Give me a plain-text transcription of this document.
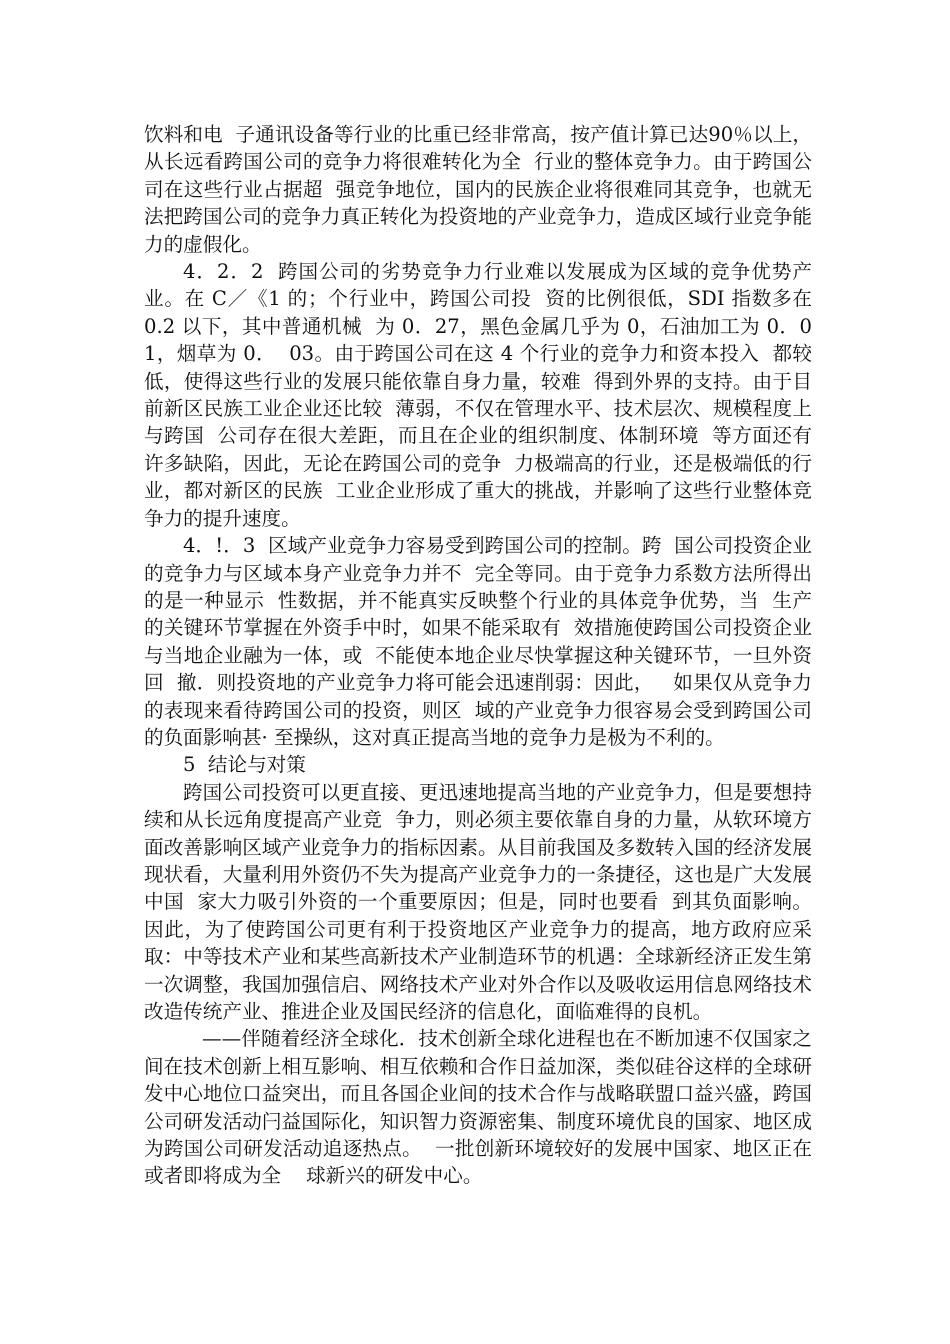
饮料和电  子通讯设备等行业的比重已经非常高，按产值计算已达90％以上，从长远看跨国公司的竞争力将很难转化为全  行业的整体竞争力。由于跨国公司在这些行业占据超  强竞争地位，国内的民族企业将很难同其竞争，也就无法把跨国公司的竞争力真正转化为投资地的产业竞争力，造成区域行业竞争能力的虚假化。

4．2．2  跨国公司的劣势竞争力行业难以发展成为区域的竞争优势产业。在 C／《1 的；个行业中，跨国公司投  资的比例很低，SDI 指数多在 0.2 以下，其中普通机械  为 0．27，黑色金属几乎为 0，石油加工为 0．01，烟草为 0．  03。由于跨国公司在这 4 个行业的竞争力和资本投入  都较低，使得这些行业的发展只能依靠自身力量，较难  得到外界的支持。由于目前新区民族工业企业还比较  薄弱，不仅在管理水平、技术层次、规模程度上与跨国  公司存在很大差距，而且在企业的组织制度、体制环境  等方面还有许多缺陷，因此，无论在跨国公司的竞争  力极端高的行业，还是极端低的行业，都对新区的民族  工业企业形成了重大的挑战，并影响了这些行业整体竞争力的提升速度。

4．!．3  区域产业竞争力容易受到跨国公司的控制。跨  国公司投资企业的竞争力与区域本身产业竞争力并不  完全等同。由于竞争力系数方法所得出的是一种显示  性数据，并不能真实反映整个行业的具体竞争优势，当  生产的关键环节掌握在外资手中时，如果不能采取有  效措施使跨国公司投资企业与当地企业融为一体，或  不能使本地企业尽快掌握这种关键环节，一旦外资回  撤．则投资地的产业竞争力将可能会迅速削弱：因此，   如果仅从竞争力的表现来看待跨国公司的投资，则区  域的产业竞争力很容易会受到跨国公司的负面影响甚· 至操纵，这对真正提高当地的竞争力是极为不利的。

5  结论与对策

跨国公司投资可以更直接、更迅速地提高当地的产业竞争力，但是要想持续和从长远角度提高产业竞  争力，则必须主要依靠自身的力量，从软环境方面改善影响区域产业竞争力的指标因素。从目前我国及多数转入国的经济发展现状看，大量利用外资仍不失为提高产业竞争力的一条捷径，这也是广大发展中国  家大力吸引外资的一个重要原因；但是，同时也要看  到其负面影响。因此，为了使跨国公司更有利于投资地区产业竞争力的提高，地方政府应采取：中等技术产业和某些高新技术产业制造环节的机遇：全球新经济正发生第一次调整，我国加强信启、网络技术产业对外合作以及吸收运用信息网络技术改造传统产业、推进企业及国民经济的信息化，面临难得的良机。

——伴随着经济全球化．技术创新全球化进程也在不断加速不仅国家之间在技术创新上相互影响、相互依赖和合作日益加深，类似硅谷这样的全球研发中心地位口益突出，而且各国企业间的技术合作与战略联盟口益兴盛，跨国公司研发活动闩益国际化，知识智力资源密集、制度环境优良的国家、地区成为跨国公司研发活动追逐热点。  一批创新环境较好的发展中国家、地区正在或者即将成为全    球新兴的研发中心。
